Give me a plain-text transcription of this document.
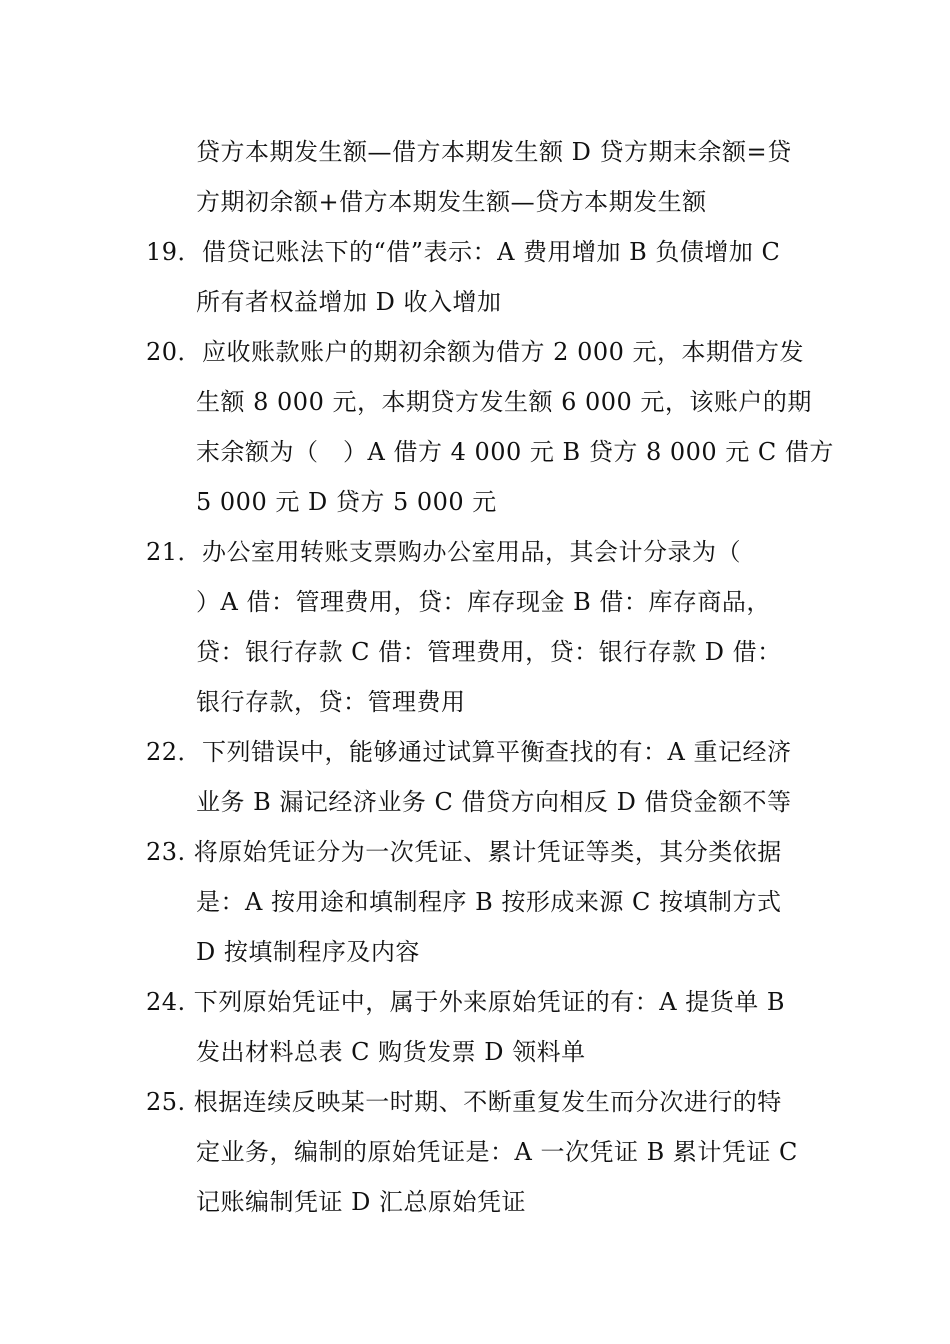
贷方本期发生额—借方本期发生额 D 贷方期末余额=贷
方期初余额+借方本期发生额—贷方本期发生额
19．借贷记账法下的“借”表示：A 费用增加 B 负债增加 C
所有者权益增加 D 收入增加
20．应收账款账户的期初余额为借方 2 000 元，本期借方发
生额 8 000 元，本期贷方发生额 6 000 元，该账户的期
末余额为（　）A 借方 4 000 元 B 贷方 8 000 元 C 借方
5 000 元 D 贷方 5 000 元
21．办公室用转账支票购办公室用品，其会计分录为（
）A 借：管理费用，贷：库存现金 B 借：库存商品，
贷：银行存款 C 借：管理费用，贷：银行存款 D 借：
银行存款，贷：管理费用
22．下列错误中，能够通过试算平衡查找的有：A 重记经济
业务 B 漏记经济业务 C 借贷方向相反 D 借贷金额不等
23. 将原始凭证分为一次凭证、累计凭证等类，其分类依据
是：A 按用途和填制程序 B 按形成来源 C 按填制方式
D 按填制程序及内容
24. 下列原始凭证中，属于外来原始凭证的有：A 提货单 B
发出材料总表 C 购货发票 D 领料单
25. 根据连续反映某一时期、不断重复发生而分次进行的特
定业务，编制的原始凭证是：A 一次凭证 B 累计凭证 C
记账编制凭证 D 汇总原始凭证
